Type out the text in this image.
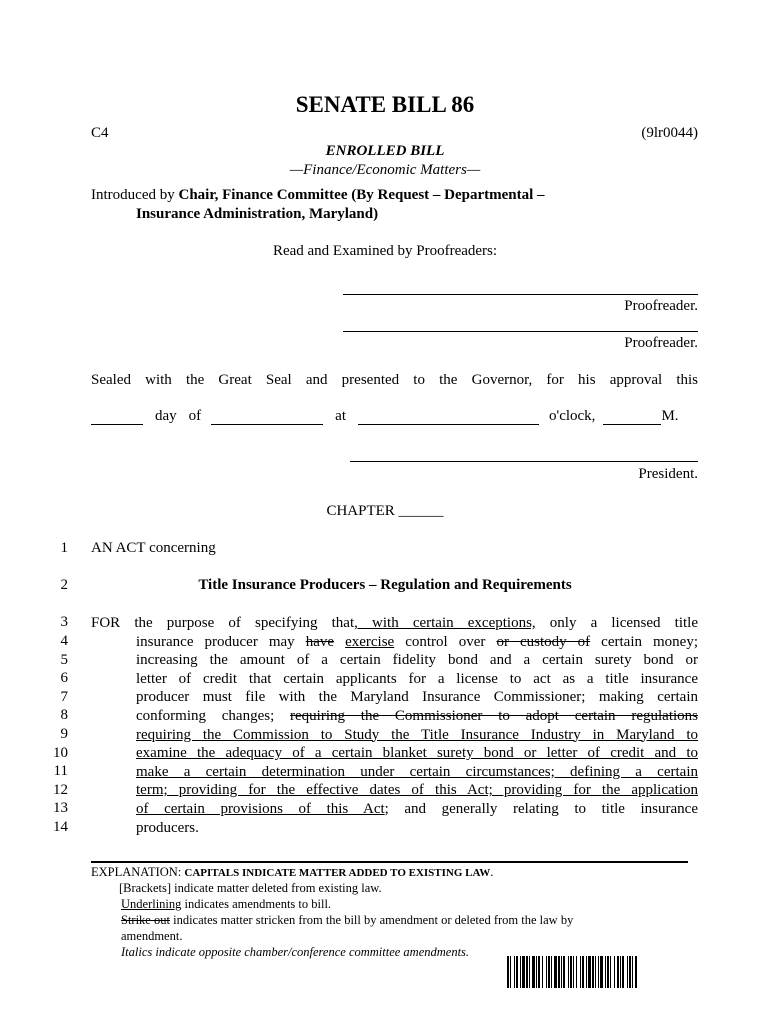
SENATE BILL 86
C4	(9lr0044)
ENROLLED BILL
—Finance/Economic Matters—
Introduced by Chair, Finance Committee (By Request – Departmental –
Insurance Administration, Maryland)
Read and Examined by Proofreaders:
Proofreader.
Proofreader.
Sealed with the Great Seal and presented to the Governor, for his approval this
day of	at	o'clock,	M.
President.
CHAPTER ______
1
2
3
4
5
6
7
8
9
10
11
12
13
14
AN ACT concerning
Title Insurance Producers – Regulation and Requirements
FOR the purpose of specifying that, with certain exceptions, only a licensed title
insurance producer may have exercise control over or custody of certain money;
increasing the amount of a certain fidelity bond and a certain surety bond or
letter of credit that certain applicants for a license to act as a title insurance
producer must file with the Maryland Insurance Commissioner; making certain
conforming changes; requiring the Commissioner to adopt certain regulations
requiring the Commission to Study the Title Insurance Industry in Maryland to
examine the adequacy of a certain blanket surety bond or letter of credit and to
make a certain determination under certain circumstances; defining a certain
term; providing for the effective dates of this Act; providing for the application
of certain provisions of this Act; and generally relating to title insurance
producers.
EXPLANATION: CAPITALS INDICATE MATTER ADDED TO EXISTING LAW.
[Brackets] indicate matter deleted from existing law.
Underlining indicates amendments to bill.
Strike out indicates matter stricken from the bill by amendment or deleted from the law by
amendment.
Italics indicate opposite chamber/conference committee amendments.
